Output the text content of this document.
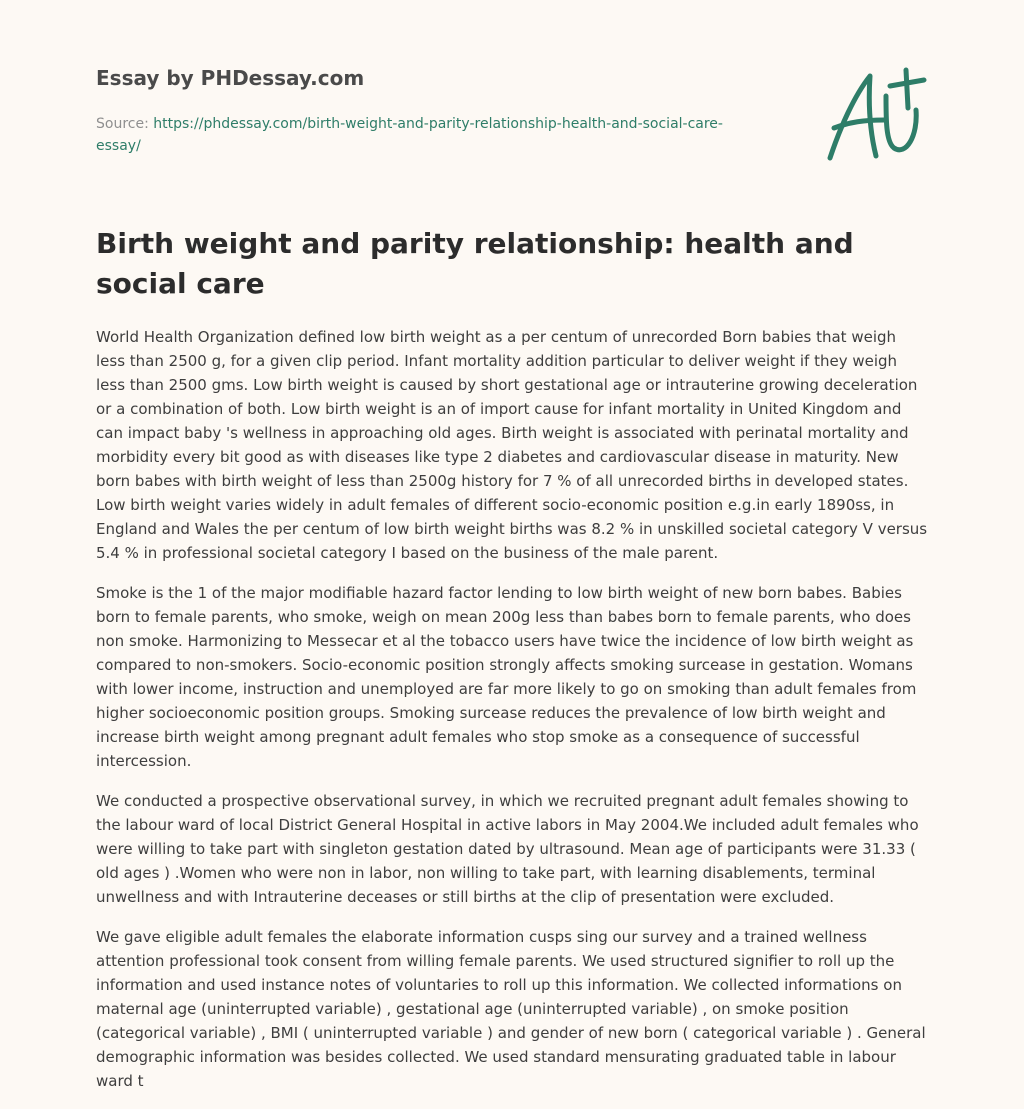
Essay by PHDessay.com
Source: https://phdessay.com/birth-weight-and-parity-relationship-health-and-social-care-essay/
Birth weight and parity relationship: health and social care

World Health Organization defined low birth weight as a per centum of unrecorded Born babies that weigh less than 2500 g, for a given clip period. Infant mortality addition particular to deliver weight if they weigh less than 2500 gms. Low birth weight is caused by short gestational age or intrauterine growing deceleration or a combination of both. Low birth weight is an of import cause for infant mortality in United Kingdom and can impact baby 's wellness in approaching old ages. Birth weight is associated with perinatal mortality and morbidity every bit good as with diseases like type 2 diabetes and cardiovascular disease in maturity. New born babes with birth weight of less than 2500g history for 7 % of all unrecorded births in developed states. Low birth weight varies widely in adult females of different socio-economic position e.g.in early 1890ss, in England and Wales the per centum of low birth weight births was 8.2 % in unskilled societal category V versus 5.4 % in professional societal category I based on the business of the male parent.

Smoke is the 1 of the major modifiable hazard factor lending to low birth weight of new born babes. Babies born to female parents, who smoke, weigh on mean 200g less than babes born to female parents, who does non smoke. Harmonizing to Messecar et al the tobacco users have twice the incidence of low birth weight as compared to non-smokers. Socio-economic position strongly affects smoking surcease in gestation. Womans with lower income, instruction and unemployed are far more likely to go on smoking than adult females from higher socioeconomic position groups. Smoking surcease reduces the prevalence of low birth weight and increase birth weight among pregnant adult females who stop smoke as a consequence of successful intercession.

We conducted a prospective observational survey, in which we recruited pregnant adult females showing to the labour ward of local District General Hospital in active labors in May 2004.We included adult females who were willing to take part with singleton gestation dated by ultrasound. Mean age of participants were 31.33 ( old ages ) .Women who were non in labor, non willing to take part, with learning disablements, terminal unwellness and with Intrauterine deceases or still births at the clip of presentation were excluded.

We gave eligible adult females the elaborate information cusps sing our survey and a trained wellness attention professional took consent from willing female parents. We used structured signifier to roll up the information and used instance notes of voluntaries to roll up this information. We collected informations on maternal age (uninterrupted variable) , gestational age (uninterrupted variable) , on smoke position (categorical variable) , BMI ( uninterrupted variable ) and gender of new born ( categorical variable ) . General demographic information was besides collected. We used standard mensurating graduated table in labour ward t
